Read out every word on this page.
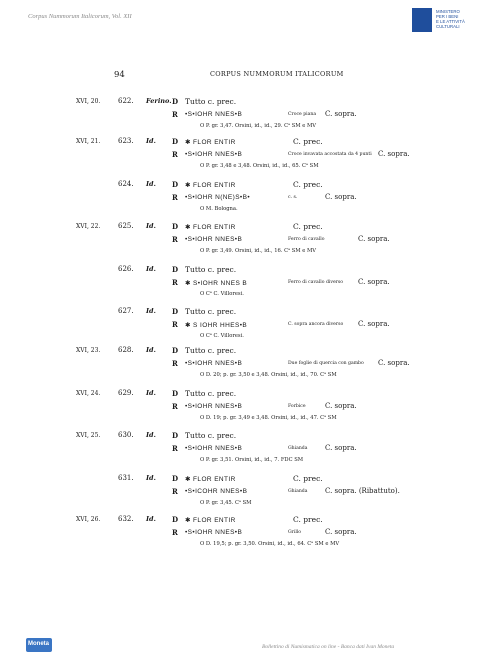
Corpus Nummorum Italicorum, Vol. XII
MINISTERO
PER I BENI
E LE ATTIVITÀ
CULTURALI
94	CORPUS NUMMORUM ITALICORUM
XVI, 20.	622. Ferino. D Tutto c. prec.
R •S•IOHR NNES•B	Croce piana C. sopra.
O P. gr. 3,47. Orsini, id., id., 29. Cᵃ SM e MV
XVI, 21.	623. Id. D ✱ FLOR ENTIR	C. prec.
R •S•IOHR NNES•B	Croce invavata accostata da 4 punti C. sopra.
O P. gr. 3,48 e 3,48. Orsini, id., id., 65. Cᵃ SM
624. Id. D ✱ FLOR ENTIR	C. prec.
R •S•IOHR N(NE)S•B•	c. s.	C. sopra.
O M. Bologna.
XVI, 22.	625. Id. D ✱ FLOR ENTIR	C. prec.
R •S•IOHR NNES•B	Ferro di cavallo	C. sopra.
O P. gr. 3,49. Orsini, id., id., 16. Cᵃ SM e MV
626. Id. D Tutto c. prec.
R ✱ S•IOHR NNES B	Ferro di cavallo diverso C. sopra.
O Cᵃ C. Villoresi.
627. Id. D Tutto c. prec.
R ✱ S IOHR HHES•B	C. sopra ancora diverso C. sopra.
O Cᵃ C. Villoresi.
XVI, 23.	628. Id. D Tutto c. prec.
R •S•IOHR NNES•B	Due foglie di quercia con gambo C. sopra.
O D. 20; p. gr. 3,50 e 3,48. Orsini, id., id., 70. Cᵃ SM
XVI, 24.	629. Id. D Tutto c. prec.
R •S•IOHR NNES•B	Forbice	C. sopra.
O D. 19; p. gr. 3,49 e 3,48. Orsini, id., id., 47. Cᵃ SM
XVI, 25.	630. Id. D Tutto c. prec.
R •S•IOHR NNES•B	Ghianda	C. sopra.
O P. gr. 3,51. Orsini, id., id., 7. FDC SM
631. Id. D ✱ FLOR ENTIR	C. prec.
R •S•ICOHR NNES•B	Ghianda	C. sopra. (Ribattuto).
O P. gr. 3,45. Cᵃ SM
XVI, 26.	632. Id. D ✱ FLOR ENTIR	C. prec.
R •S•IOHR NNES•B	Grillo	C. sopra.
O D. 19,5; p. gr. 3,50. Orsini, id., id., 64. Cᵃ SM e MV
Moneta	Bollettino di Numismatica on line - Banca dati Ivan Moneta
